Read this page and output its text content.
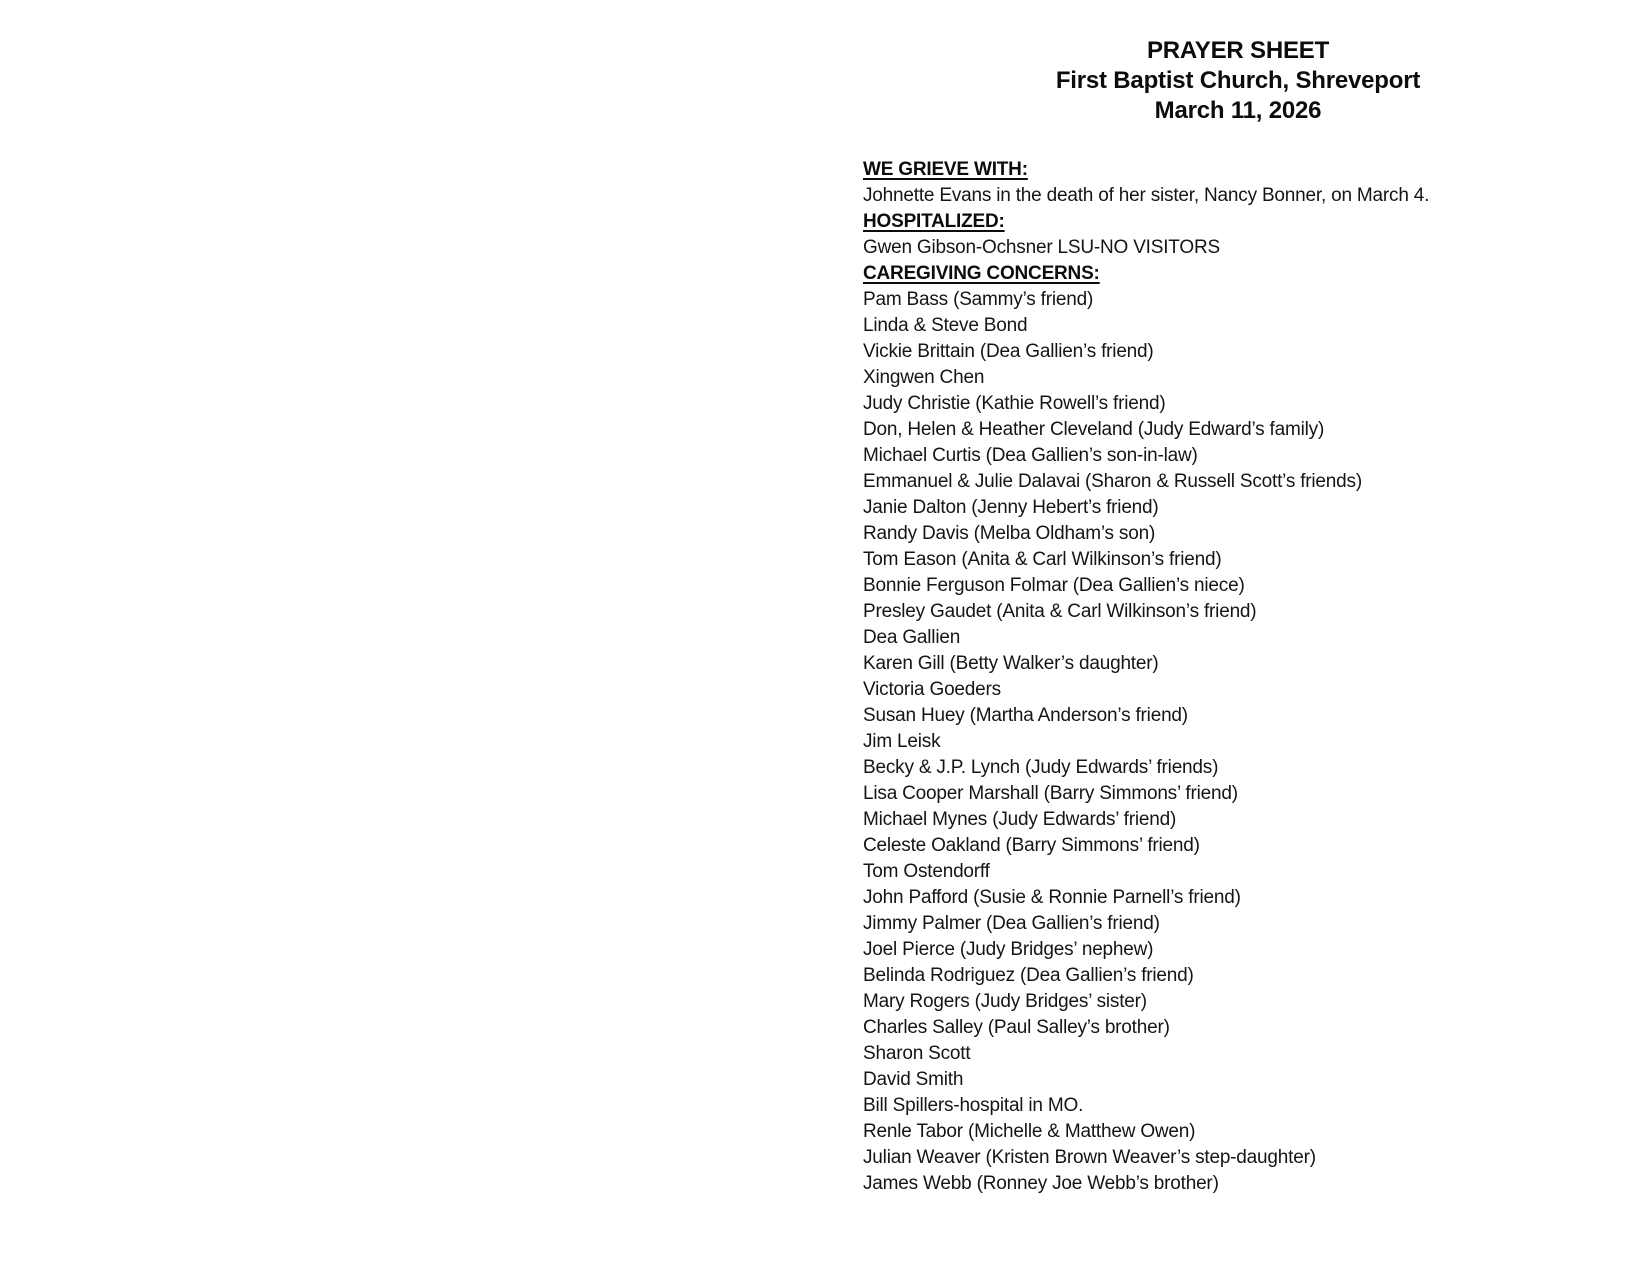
PRAYER SHEET
First Baptist Church, Shreveport
March 11, 2026
WE GRIEVE WITH:
Johnette Evans in the death of her sister, Nancy Bonner, on March 4.
HOSPITALIZED:
Gwen Gibson-Ochsner LSU-NO VISITORS
CAREGIVING CONCERNS:
Pam Bass (Sammy’s friend)
Linda & Steve Bond
Vickie Brittain (Dea Gallien’s friend)
Xingwen Chen
Judy Christie (Kathie Rowell’s friend)
Don, Helen & Heather Cleveland (Judy Edward’s family)
Michael Curtis (Dea Gallien’s son-in-law)
Emmanuel & Julie Dalavai (Sharon & Russell Scott’s friends)
Janie Dalton (Jenny Hebert’s friend)
Randy Davis (Melba Oldham’s son)
Tom Eason (Anita & Carl Wilkinson’s friend)
Bonnie Ferguson Folmar (Dea Gallien’s niece)
Presley Gaudet (Anita & Carl Wilkinson’s friend)
Dea Gallien
Karen Gill (Betty Walker’s daughter)
Victoria Goeders
Susan Huey (Martha Anderson’s friend)
Jim Leisk
Becky & J.P. Lynch (Judy Edwards’ friends)
Lisa Cooper Marshall (Barry Simmons’ friend)
Michael Mynes (Judy Edwards’ friend)
Celeste Oakland (Barry Simmons’ friend)
Tom Ostendorff
John Pafford (Susie & Ronnie Parnell’s friend)
Jimmy Palmer (Dea Gallien’s friend)
Joel Pierce (Judy Bridges’ nephew)
Belinda Rodriguez (Dea Gallien’s friend)
Mary Rogers (Judy Bridges’ sister)
Charles Salley (Paul Salley’s brother)
Sharon Scott
David Smith
Bill Spillers-hospital in MO.
Renle Tabor (Michelle & Matthew Owen)
Julian Weaver (Kristen Brown Weaver’s step-daughter)
James Webb (Ronney Joe Webb’s brother)
